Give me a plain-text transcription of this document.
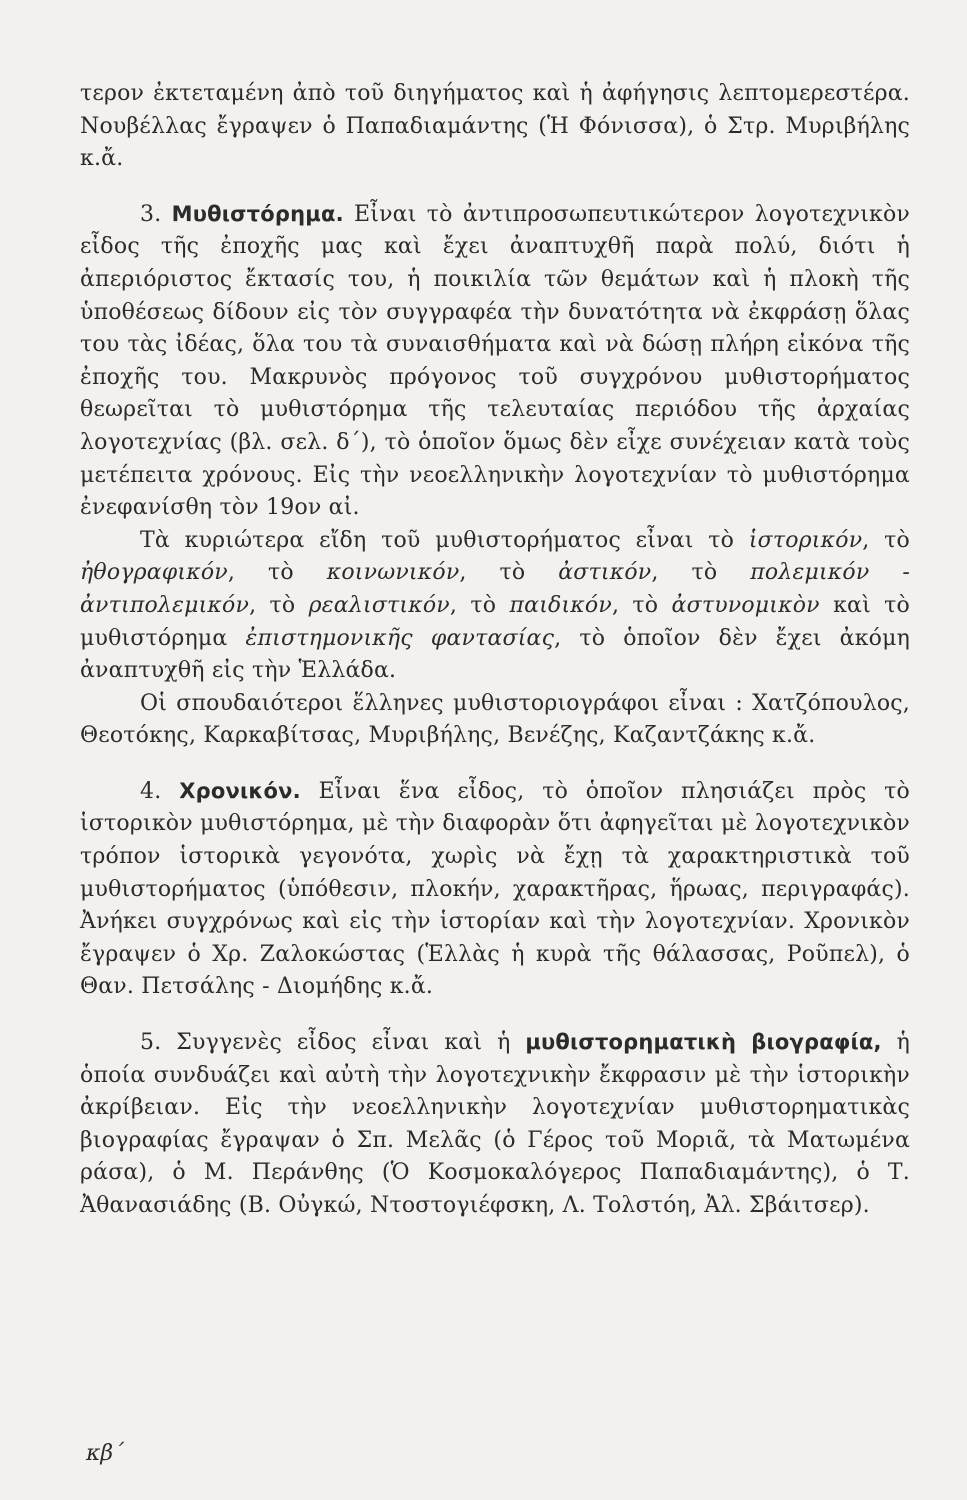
τερον ἐκτεταμένη ἀπὸ τοῦ διηγήματος καὶ ἡ ἀφήγησις λεπτομερεστέρα. Νουβέλλας ἔγραψεν ὁ Παπαδιαμάντης (Ἡ Φόνισσα), ὁ Στρ. Μυριβήλης κ.ἄ.

3. Μυθιστόρημα. Εἶναι τὸ ἀντιπροσωπευτικώτερον λογοτεχνικὸν εἶδος τῆς ἐποχῆς μας καὶ ἔχει ἀναπτυχθῆ παρὰ πολύ, διότι ἡ ἀπεριόριστος ἔκτασίς του, ἡ ποικιλία τῶν θεμάτων καὶ ἡ πλοκὴ τῆς ὑποθέσεως δίδουν εἰς τὸν συγγραφέα τὴν δυνατότητα νὰ ἐκφράσῃ ὅλας του τὰς ἰδέας, ὅλα του τὰ συναισθήματα καὶ νὰ δώσῃ πλήρη εἰκόνα τῆς ἐποχῆς του. Μακρυνὸς πρόγονος τοῦ συγχρόνου μυθιστορήματος θεωρεῖται τὸ μυθιστόρημα τῆς τελευταίας περιόδου τῆς ἀρχαίας λογοτεχνίας (βλ. σελ. δ΄), τὸ ὁποῖον ὅμως δὲν εἶχε συνέχειαν κατὰ τοὺς μετέπειτα χρόνους. Εἰς τὴν νεοελληνικὴν λογοτεχνίαν τὸ μυθιστόρημα ἐνεφανίσθη τὸν 19ον αἰ.

Τὰ κυριώτερα εἴδη τοῦ μυθιστορήματος εἶναι τὸ ἱστορικόν, τὸ ἠθογραφικόν, τὸ κοινωνικόν, τὸ ἀστικόν, τὸ πολεμικόν - ἀντιπολεμικόν, τὸ ρεαλιστικόν, τὸ παιδικόν, τὸ ἀστυνομικὸν καὶ τὸ μυθιστόρημα ἐπιστημονικῆς φαντασίας, τὸ ὁποῖον δὲν ἔχει ἀκόμη ἀναπτυχθῆ εἰς τὴν Ἑλλάδα.

Οἱ σπουδαιότεροι ἕλληνες μυθιστοριογράφοι εἶναι : Χατζόπουλος, Θεοτόκης, Καρκαβίτσας, Μυριβήλης, Βενέζης, Καζαντζάκης κ.ἄ.

4. Χρονικόν. Εἶναι ἕνα εἶδος, τὸ ὁποῖον πλησιάζει πρὸς τὸ ἱστορικὸν μυθιστόρημα, μὲ τὴν διαφορὰν ὅτι ἀφηγεῖται μὲ λογοτεχνικὸν τρόπον ἱστορικὰ γεγονότα, χωρὶς νὰ ἔχῃ τὰ χαρακτηριστικὰ τοῦ μυθιστορήματος (ὑπόθεσιν, πλοκήν, χαρακτῆρας, ἥρωας, περιγραφάς). Ἀνήκει συγχρόνως καὶ εἰς τὴν ἱστορίαν καὶ τὴν λογοτεχνίαν. Χρονικὸν ἔγραψεν ὁ Χρ. Ζαλοκώστας (Ἑλλὰς ἡ κυρὰ τῆς θάλασσας, Ροῦπελ), ὁ Θαν. Πετσάλης - Διομήδης κ.ἄ.

5. Συγγενὲς εἶδος εἶναι καὶ ἡ μυθιστορηματικὴ βιογραφία, ἡ ὁποία συνδυάζει καὶ αὐτὴ τὴν λογοτεχνικὴν ἔκφρασιν μὲ τὴν ἱστορικὴν ἀκρίβειαν. Εἰς τὴν νεοελληνικὴν λογοτεχνίαν μυθιστορηματικὰς βιογραφίας ἔγραψαν ὁ Σπ. Μελᾶς (ὁ Γέρος τοῦ Μοριᾶ, τὰ Ματωμένα ράσα), ὁ Μ. Περάνθης (Ὁ Κοσμοκαλόγερος Παπαδιαμάντης), ὁ Τ. Ἀθανασιάδης (Β. Οὐγκώ, Ντοστογιέφσκη, Λ. Τολστόη, Ἀλ. Σβάιτσερ).

κβ΄
